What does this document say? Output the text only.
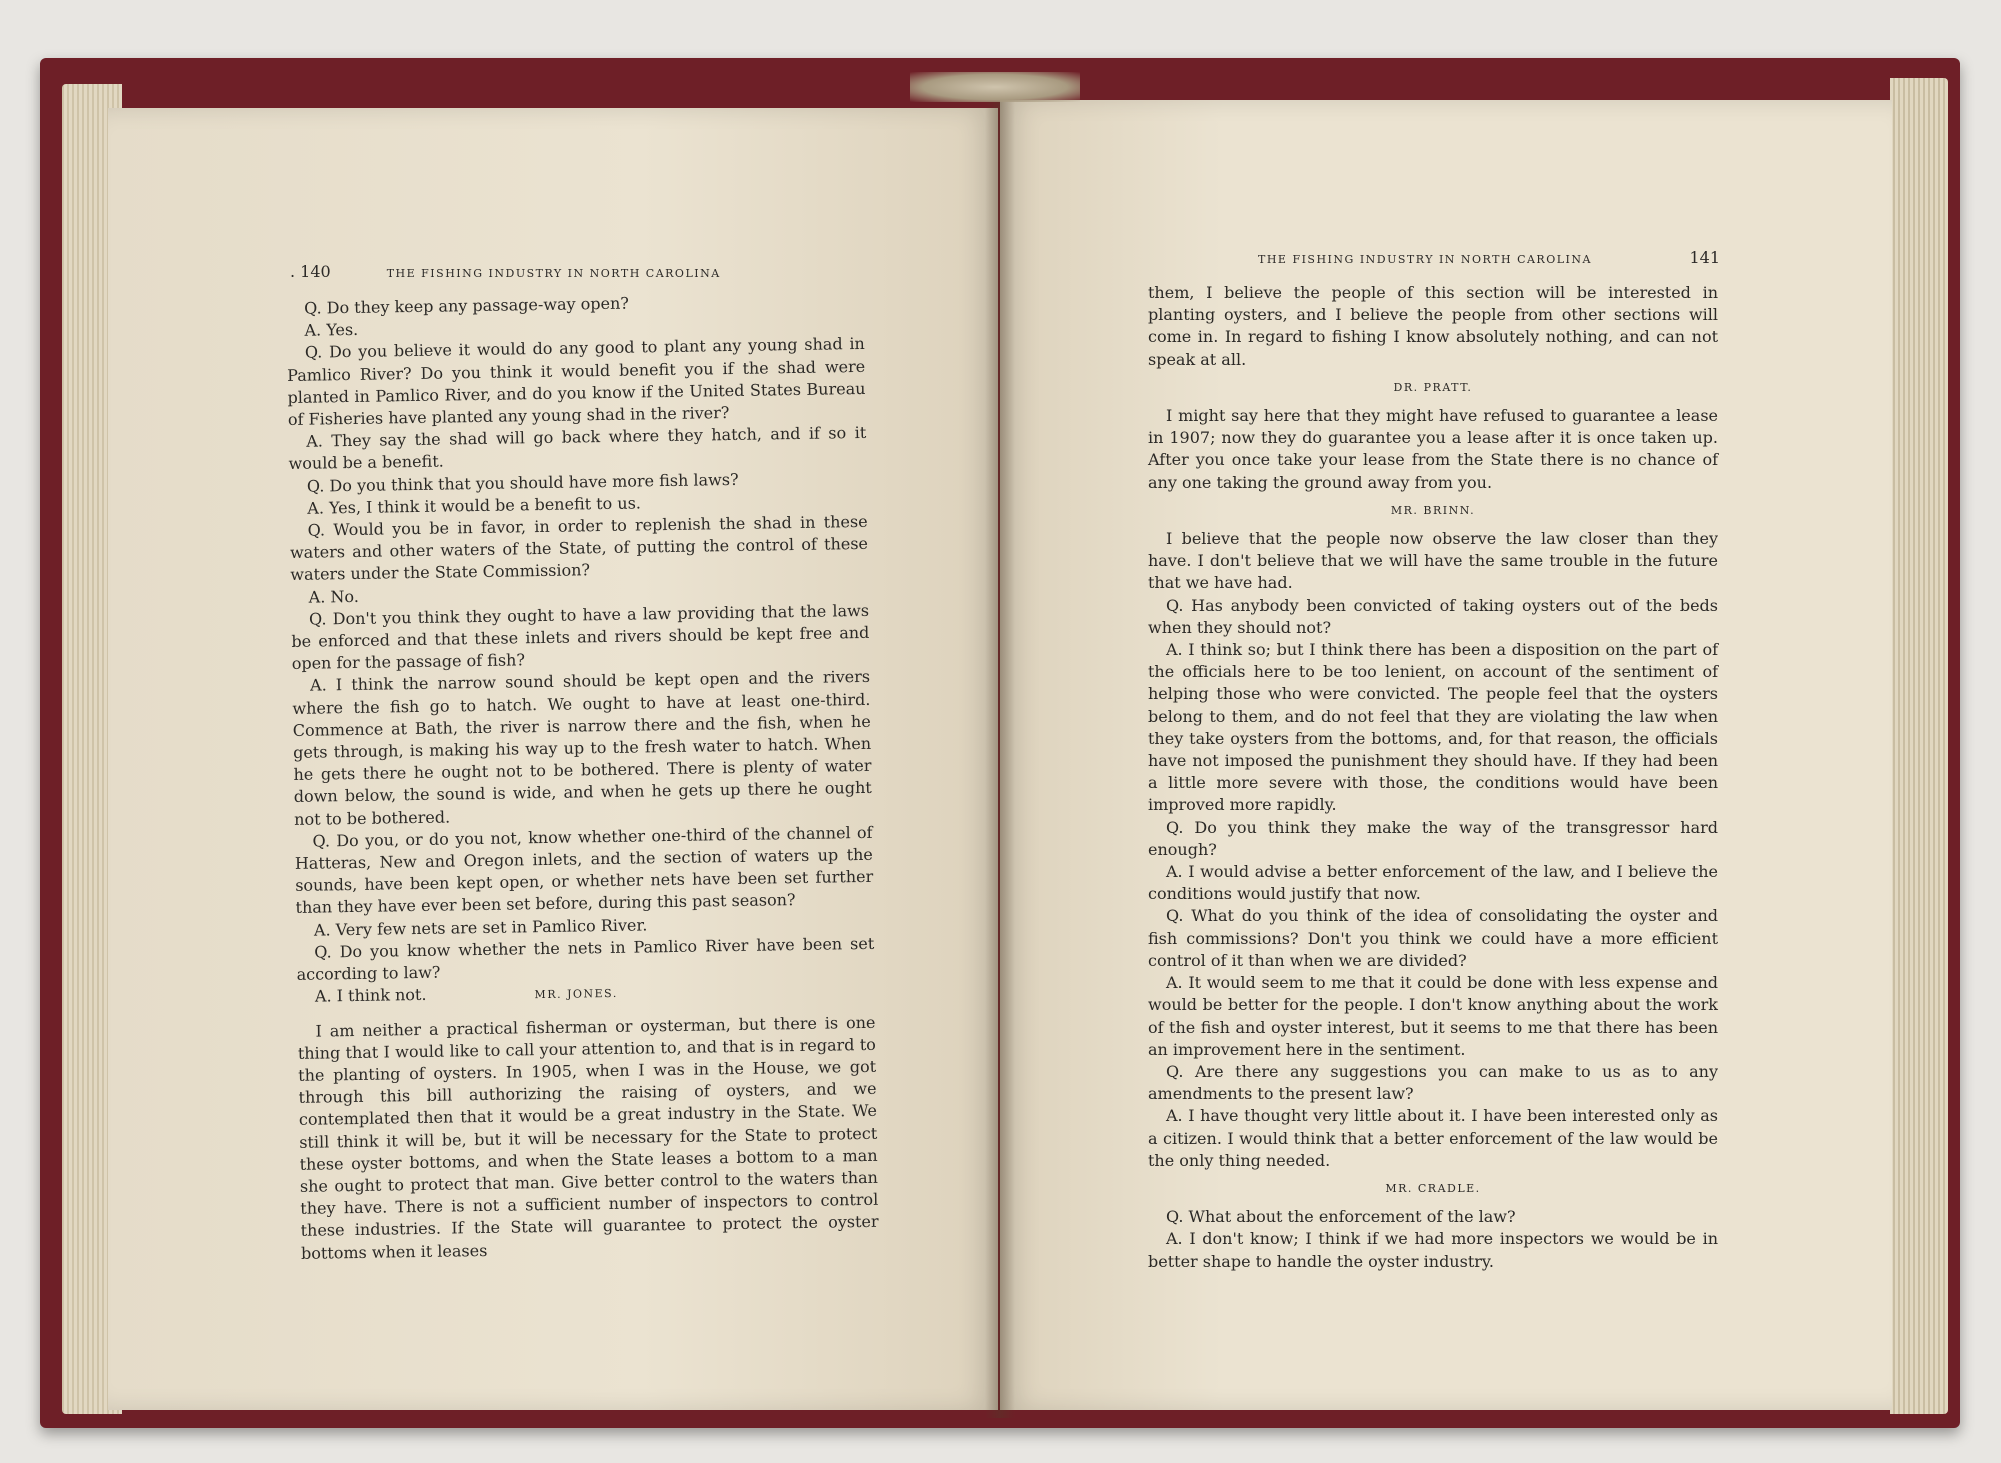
. 140	THE FISHING INDUSTRY IN NORTH CAROLINA
THE FISHING INDUSTRY IN NORTH CAROLINA	141

Q. Do they keep any passage-way open?

A. Yes.

Q. Do you believe it would do any good to plant any young shad in Pamlico River? Do you think it would benefit you if the shad were planted in Pamlico River, and do you know if the United States Bureau of Fisheries have planted any young shad in the river?

A. They say the shad will go back where they hatch, and if so it would be a benefit.

Q. Do you think that you should have more fish laws?

A. Yes, I think it would be a benefit to us.

Q. Would you be in favor, in order to replenish the shad in these waters and other waters of the State, of putting the control of these waters under the State Commission?

A. No.

Q. Don't you think they ought to have a law providing that the laws be enforced and that these inlets and rivers should be kept free and open for the passage of fish?

A. I think the narrow sound should be kept open and the rivers where the fish go to hatch. We ought to have at least one-third. Commence at Bath, the river is narrow there and the fish, when he gets through, is making his way up to the fresh water to hatch. When he gets there he ought not to be bothered. There is plenty of water down below, the sound is wide, and when he gets up there he ought not to be bothered.

Q. Do you, or do you not, know whether one-third of the channel of Hatteras, New and Oregon inlets, and the section of waters up the sounds, have been kept open, or whether nets have been set further than they have ever been set before, during this past season?

A. Very few nets are set in Pamlico River.

Q. Do you know whether the nets in Pamlico River have been set according to law?

A. I think not.	MR. JONES.

I am neither a practical fisherman or oysterman, but there is one thing that I would like to call your attention to, and that is in regard to the planting of oysters. In 1905, when I was in the House, we got through this bill authorizing the raising of oysters, and we contemplated then that it would be a great industry in the State. We still think it will be, but it will be necessary for the State to protect these oyster bottoms, and when the State leases a bottom to a man she ought to protect that man. Give better control to the waters than they have. There is not a sufficient number of inspectors to control these industries. If the State will guarantee to protect the oyster bottoms when it leases

them, I believe the people of this section will be interested in planting oysters, and I believe the people from other sections will come in. In regard to fishing I know absolutely nothing, and can not speak at all.

DR. PRATT.

I might say here that they might have refused to guarantee a lease in 1907; now they do guarantee you a lease after it is once taken up. After you once take your lease from the State there is no chance of any one taking the ground away from you.

MR. BRINN.

I believe that the people now observe the law closer than they have. I don't believe that we will have the same trouble in the future that we have had.

Q. Has anybody been convicted of taking oysters out of the beds when they should not?

A. I think so; but I think there has been a disposition on the part of the officials here to be too lenient, on account of the sentiment of helping those who were convicted. The people feel that the oysters belong to them, and do not feel that they are violating the law when they take oysters from the bottoms, and, for that reason, the officials have not imposed the punishment they should have. If they had been a little more severe with those, the conditions would have been improved more rapidly.

Q. Do you think they make the way of the transgressor hard enough?

A. I would advise a better enforcement of the law, and I believe the conditions would justify that now.

Q. What do you think of the idea of consolidating the oyster and fish commissions? Don't you think we could have a more efficient control of it than when we are divided?

A. It would seem to me that it could be done with less expense and would be better for the people. I don't know anything about the work of the fish and oyster interest, but it seems to me that there has been an improvement here in the sentiment.

Q. Are there any suggestions you can make to us as to any amendments to the present law?

A. I have thought very little about it. I have been interested only as a citizen. I would think that a better enforcement of the law would be the only thing needed.

MR. CRADLE.

Q. What about the enforcement of the law?

A. I don't know; I think if we had more inspectors we would be in better shape to handle the oyster industry.
